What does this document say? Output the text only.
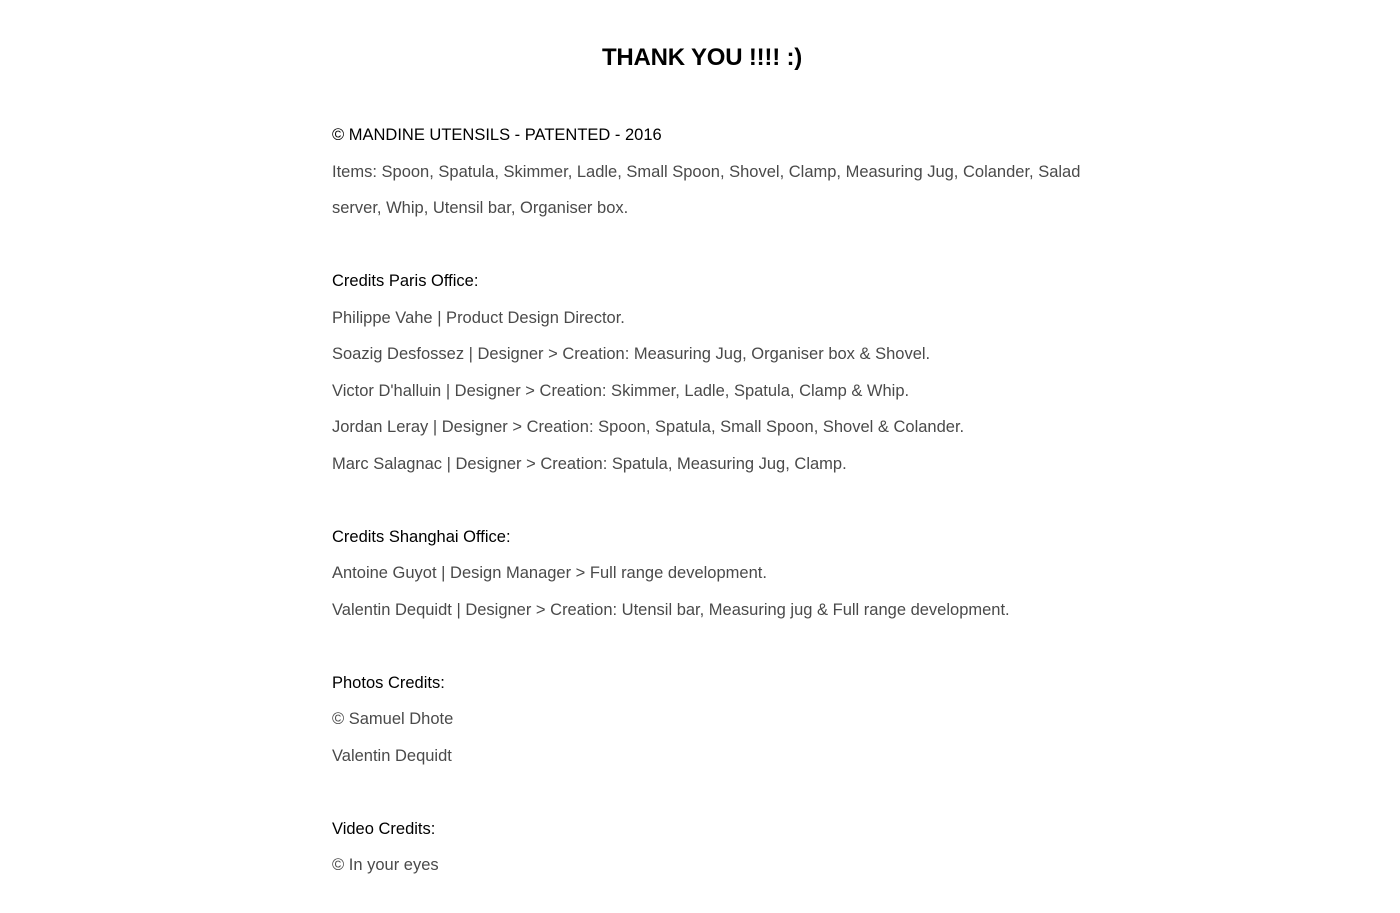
THANK YOU !!!! :)

© MANDINE UTENSILS - PATENTED - 2016

Items: Spoon, Spatula, Skimmer, Ladle, Small Spoon, Shovel, Clamp, Measuring Jug, Colander, Salad server, Whip, Utensil bar, Organiser box.

Credits Paris Office:

Philippe Vahe | Product Design Director.

Soazig Desfossez | Designer > Creation: Measuring Jug, Organiser box & Shovel.

Victor D'halluin | Designer > Creation: Skimmer, Ladle, Spatula, Clamp & Whip.

Jordan Leray | Designer > Creation: Spoon, Spatula, Small Spoon, Shovel & Colander.

Marc Salagnac | Designer > Creation: Spatula, Measuring Jug, Clamp.

Credits Shanghai Office:

Antoine Guyot | Design Manager > Full range development.

Valentin Dequidt | Designer > Creation: Utensil bar, Measuring jug & Full range development.

Photos Credits:

© Samuel Dhote

Valentin Dequidt

Video Credits:

© In your eyes
